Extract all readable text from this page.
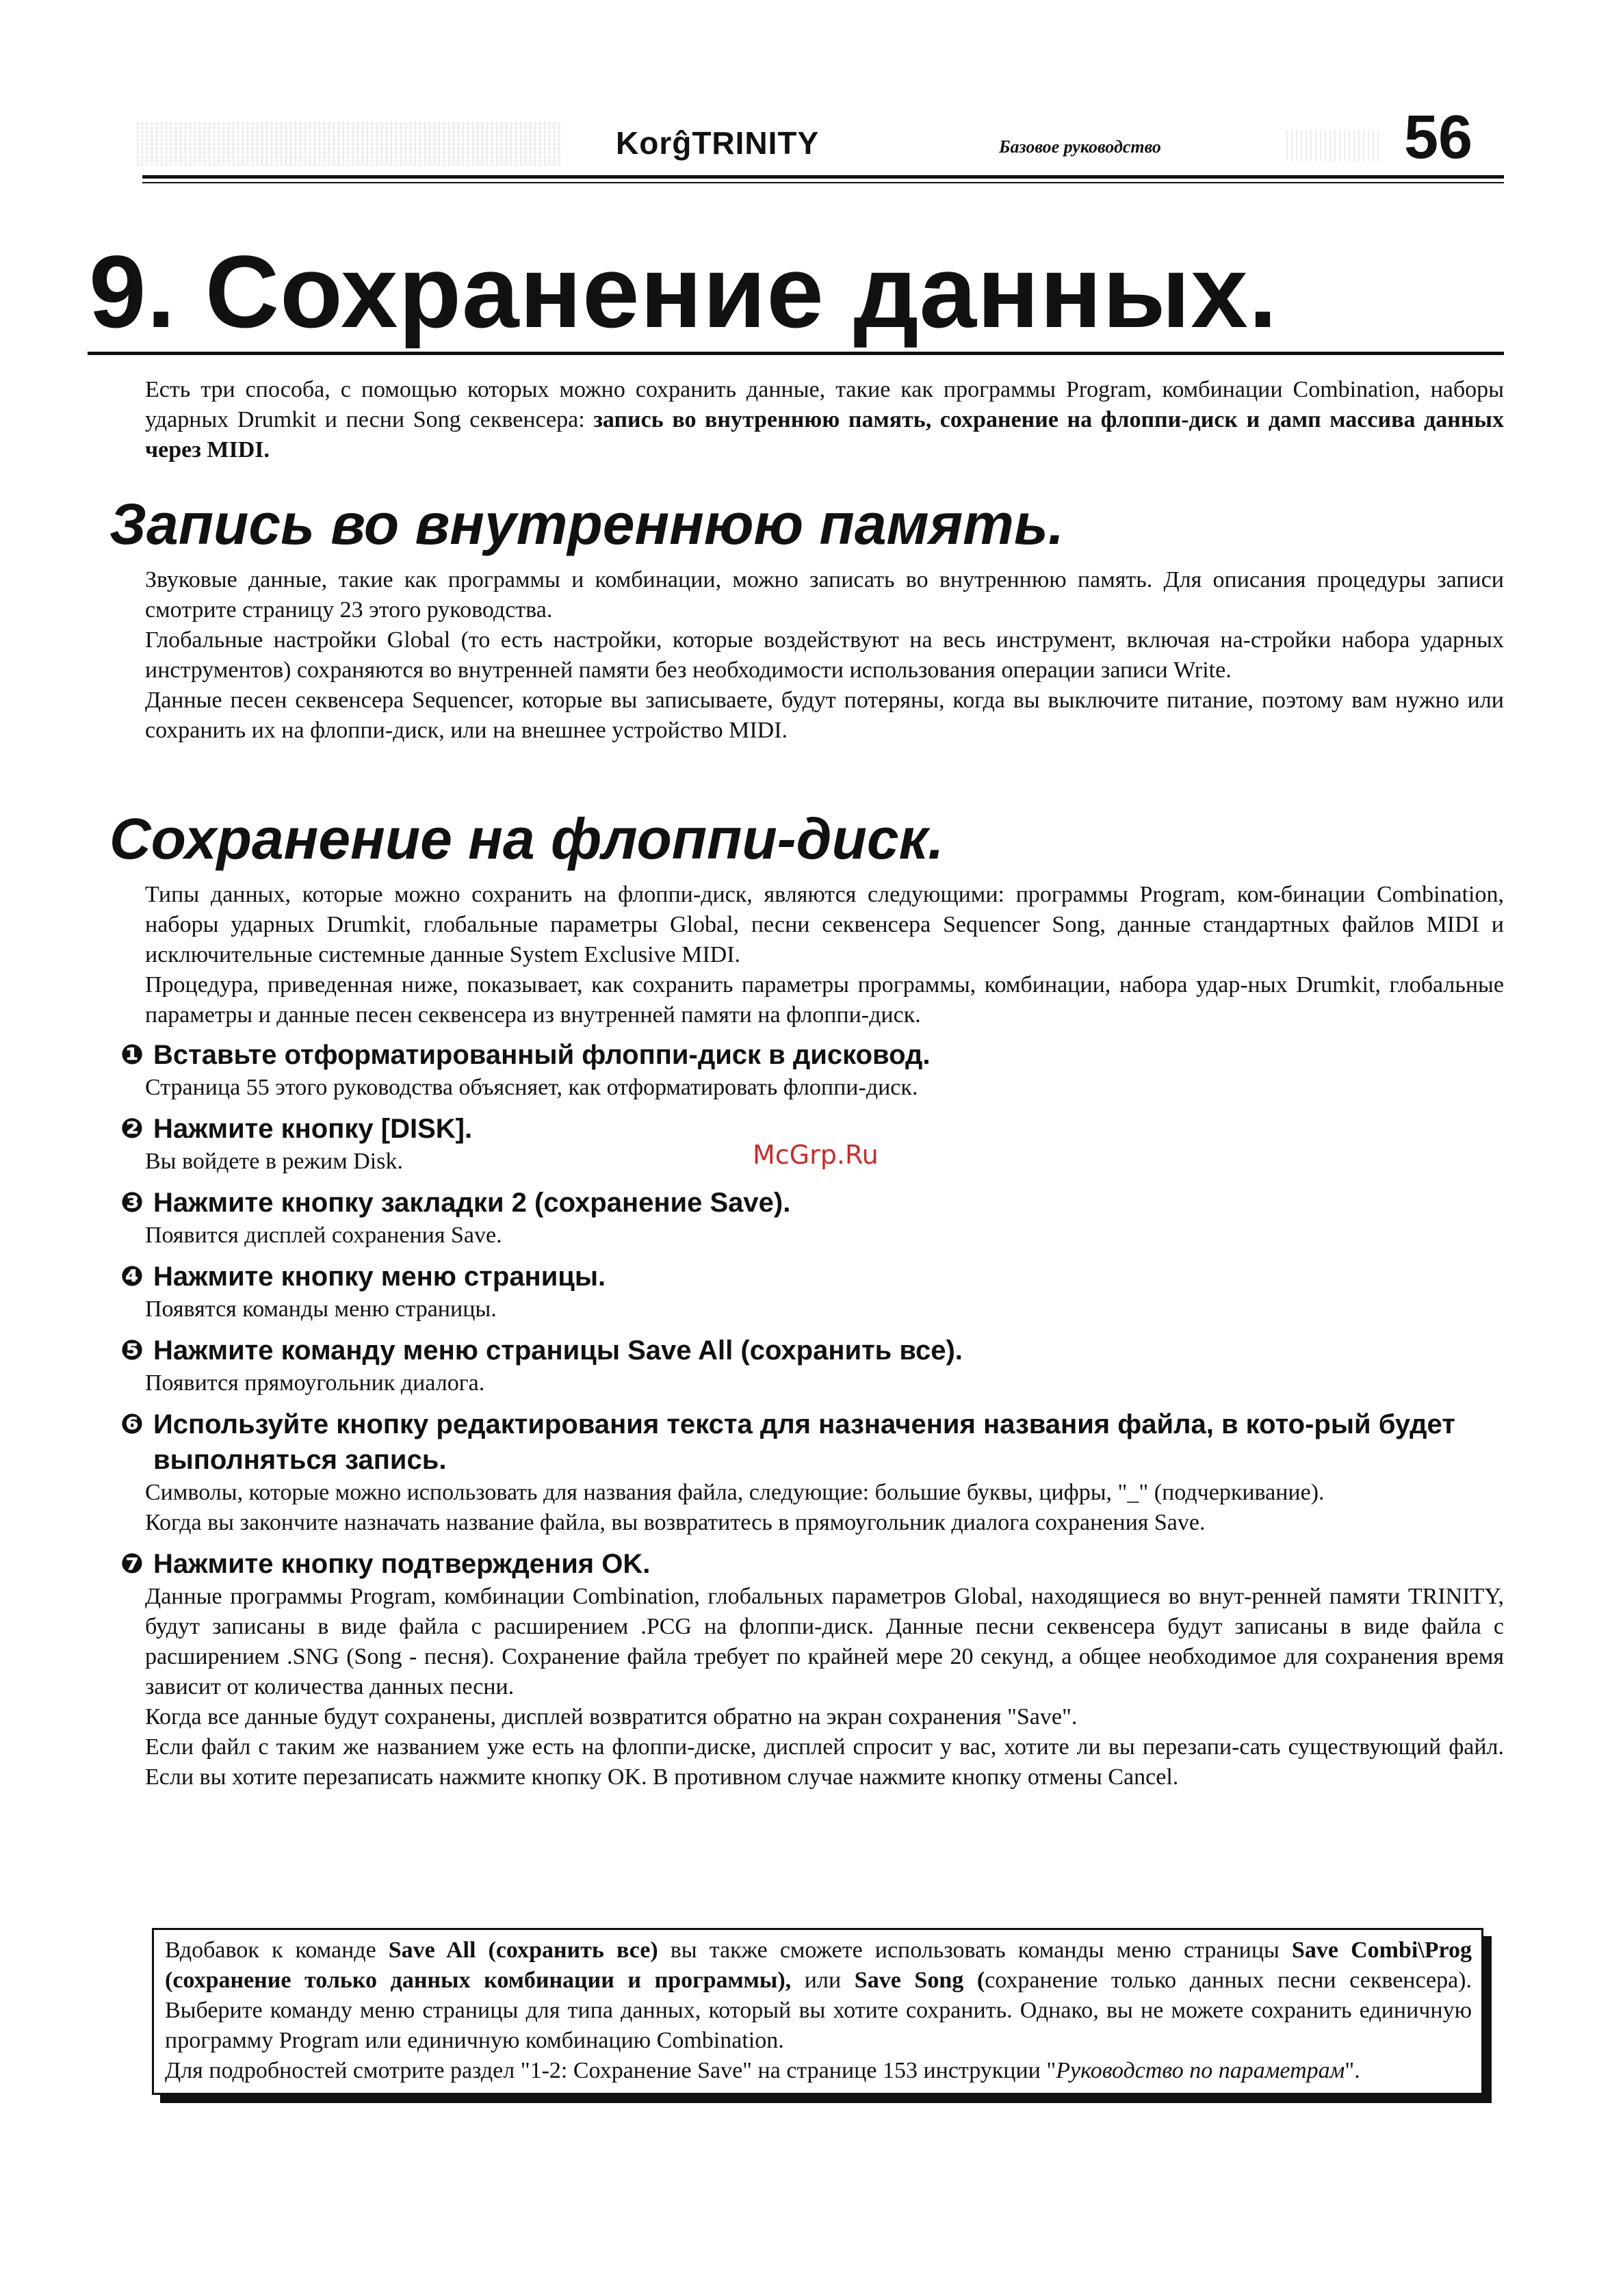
KorĝTRINITY	Базовое руководство	56
9. Сохранение данных.

Есть три способа, с помощью которых можно сохранить данные, такие как программы Program, комбинации Combination, наборы ударных Drumkit и песни Song секвенсера: запись во внутреннюю память, сохранение на флоппи-диск и дамп массива данных через MIDI.

Запись во внутреннюю память.

Звуковые данные, такие как программы и комбинации, можно записать во внутреннюю память. Для описания процедуры записи смотрите страницу 23 этого руководства.

Глобальные настройки Global (то есть настройки, которые воздействуют на весь инструмент, включая на-стройки набора ударных инструментов) сохраняются во внутренней памяти без необходимости использования операции записи Write.

Данные песен секвенсера Sequencer, которые вы записываете, будут потеряны, когда вы выключите питание, поэтому вам нужно или сохранить их на флоппи-диск, или на внешнее устройство MIDI.

Сохранение на флоппи-диск.

Типы данных, которые можно сохранить на флоппи-диск, являются следующими: программы Program, ком-бинации Combination, наборы ударных Drumkit, глобальные параметры Global, песни секвенсера Sequencer Song, данные стандартных файлов MIDI и исключительные системные данные System Exclusive MIDI.

Процедура, приведенная ниже, показывает, как сохранить параметры программы, комбинации, набора удар-ных Drumkit, глобальные параметры и данные песен секвенсера из внутренней памяти на флоппи-диск.

❶ Вставьте отформатированный флоппи-диск в дисковод.

Страница 55 этого руководства объясняет, как отформатировать флоппи-диск.

❷ Нажмите кнопку [DISK].

Вы войдете в режим Disk.

❸ Нажмите кнопку закладки 2 (сохранение Save).

Появится дисплей сохранения Save.

❹ Нажмите кнопку меню страницы.

Появятся команды меню страницы.

❺ Нажмите команду меню страницы Save All (сохранить все).

Появится прямоугольник диалога.

❻ Используйте кнопку редактирования текста для назначения названия файла, в кото-рый будет выполняться запись.

Символы, которые можно использовать для названия файла, следующие: большие буквы, цифры, "_" (подчеркивание).

Когда вы закончите назначать название файла, вы возвратитесь в прямоугольник диалога сохранения Save.

❼ Нажмите кнопку подтверждения OK.

Данные программы Program, комбинации Combination, глобальных параметров Global, находящиеся во внут-ренней памяти TRINITY, будут записаны в виде файла с расширением .PCG на флоппи-диск. Данные песни секвенсера будут записаны в виде файла с расширением .SNG (Song - песня). Сохранение файла требует по крайней мере 20 секунд, а общее необходимое для сохранения время зависит от количества данных песни.

Когда все данные будут сохранены, дисплей возвратится обратно на экран сохранения "Save".

Если файл с таким же названием уже есть на флоппи-диске, дисплей спросит у вас, хотите ли вы перезапи-сать существующий файл. Если вы хотите перезаписать нажмите кнопку OK. В противном случае нажмите кнопку отмены Cancel.

McGrp.Ru

Вдобавок к команде Save All (сохранить все) вы также сможете использовать команды меню страницы Save Combi\Prog (сохранение только данных комбинации и программы), или Save Song (сохранение только данных песни секвенсера). Выберите команду меню страницы для типа данных, который вы хотите сохранить. Однако, вы не можете сохранить единичную программу Program или единичную комбинацию Combination.

Для подробностей смотрите раздел "1-2: Сохранение Save" на странице 153 инструкции "Руководство по параметрам".
